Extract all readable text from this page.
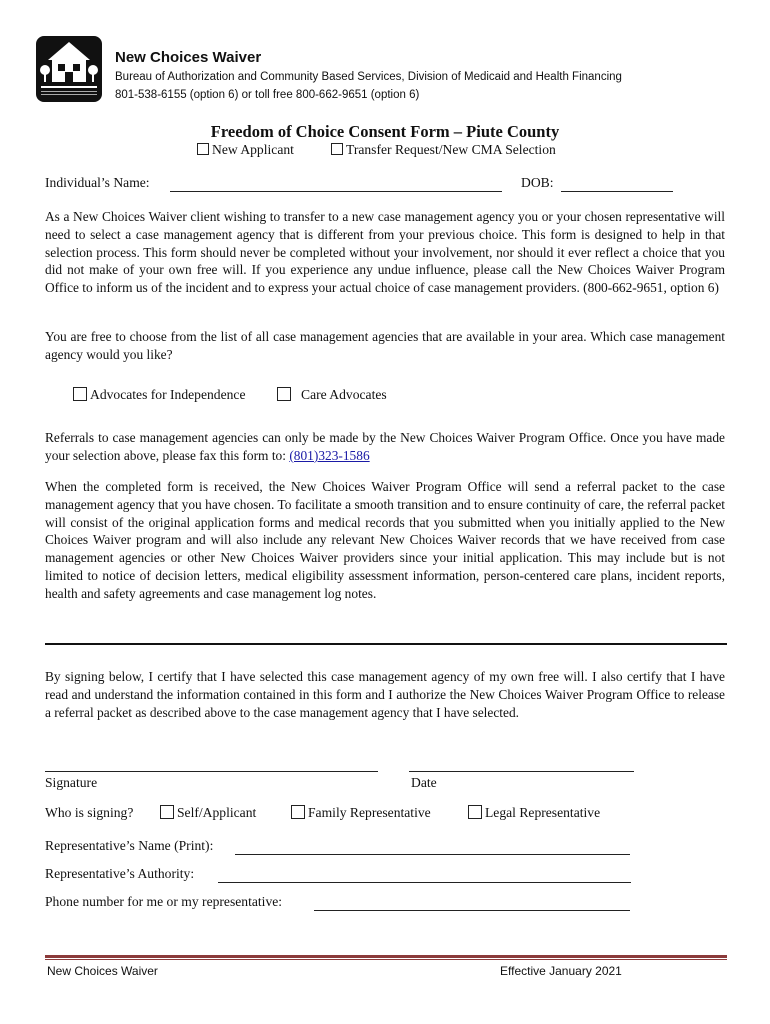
New Choices Waiver
Bureau of Authorization and Community Based Services, Division of Medicaid and Health Financing
801-538-6155 (option 6) or toll free 800-662-9651 (option 6)
Freedom of Choice Consent Form – Piute County
New Applicant	Transfer Request/New CMA Selection
Individual’s Name:	DOB:
As a New Choices Waiver client wishing to transfer to a new case management agency you or your chosen representative will need to select a case management agency that is different from your previous choice. This form is designed to help in that selection process. This form should never be completed without your involvement, nor should it ever reflect a choice that you did not make of your own free will. If you experience any undue influence, please call the New Choices Waiver Program Office to inform us of the incident and to express your actual choice of case management providers. (800-662-9651, option 6)
You are free to choose from the list of all case management agencies that are available in your area. Which case management agency would you like?
Advocates for Independence	Care Advocates
Referrals to case management agencies can only be made by the New Choices Waiver Program Office. Once you have made your selection above, please fax this form to: (801)323-1586
When the completed form is received, the New Choices Waiver Program Office will send a referral packet to the case management agency that you have chosen. To facilitate a smooth transition and to ensure continuity of care, the referral packet will consist of the original application forms and medical records that you submitted when you initially applied to the New Choices Waiver program and will also include any relevant New Choices Waiver records that we have received from case management agencies or other New Choices Waiver providers since your initial application. This may include but is not limited to notice of decision letters, medical eligibility assessment information, person-centered care plans, incident reports, health and safety agreements and case management log notes.
By signing below, I certify that I have selected this case management agency of my own free will. I also certify that I have read and understand the information contained in this form and I authorize the New Choices Waiver Program Office to release a referral packet as described above to the case management agency that I have selected.
Signature	Date
Who is signing?	Self/Applicant	Family Representative	Legal Representative
Representative’s Name (Print):
Representative’s Authority:
Phone number for me or my representative:
New Choices Waiver	Effective January 2021
